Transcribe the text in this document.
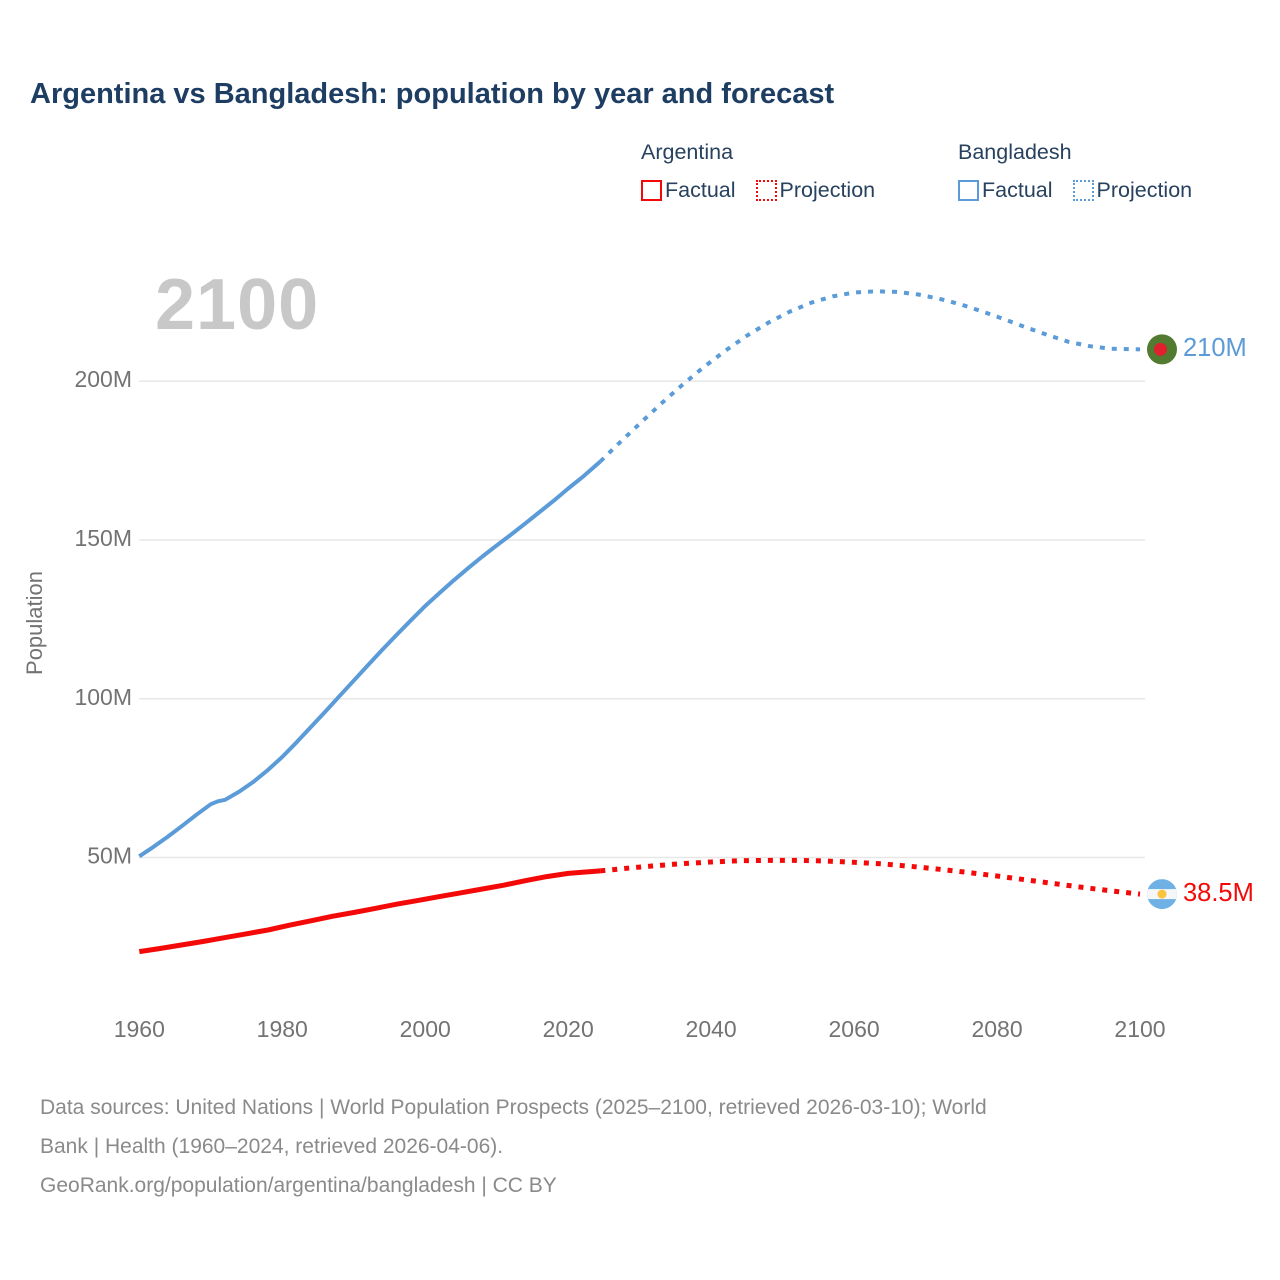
Argentina vs Bangladesh: population by year and forecast
Argentina
Factual Projection
Bangladesh
Factual Projection
2100
50M
100M
150M
200M
Population
1960	1980	2000	2020	2040	2060	2080	2100
210M
38.5M
Data sources: United Nations | World Population Prospects (2025–2100, retrieved 2026-03-10); World
Bank | Health (1960–2024, retrieved 2026-04-06).
GeoRank.org/population/argentina/bangladesh | CC BY
